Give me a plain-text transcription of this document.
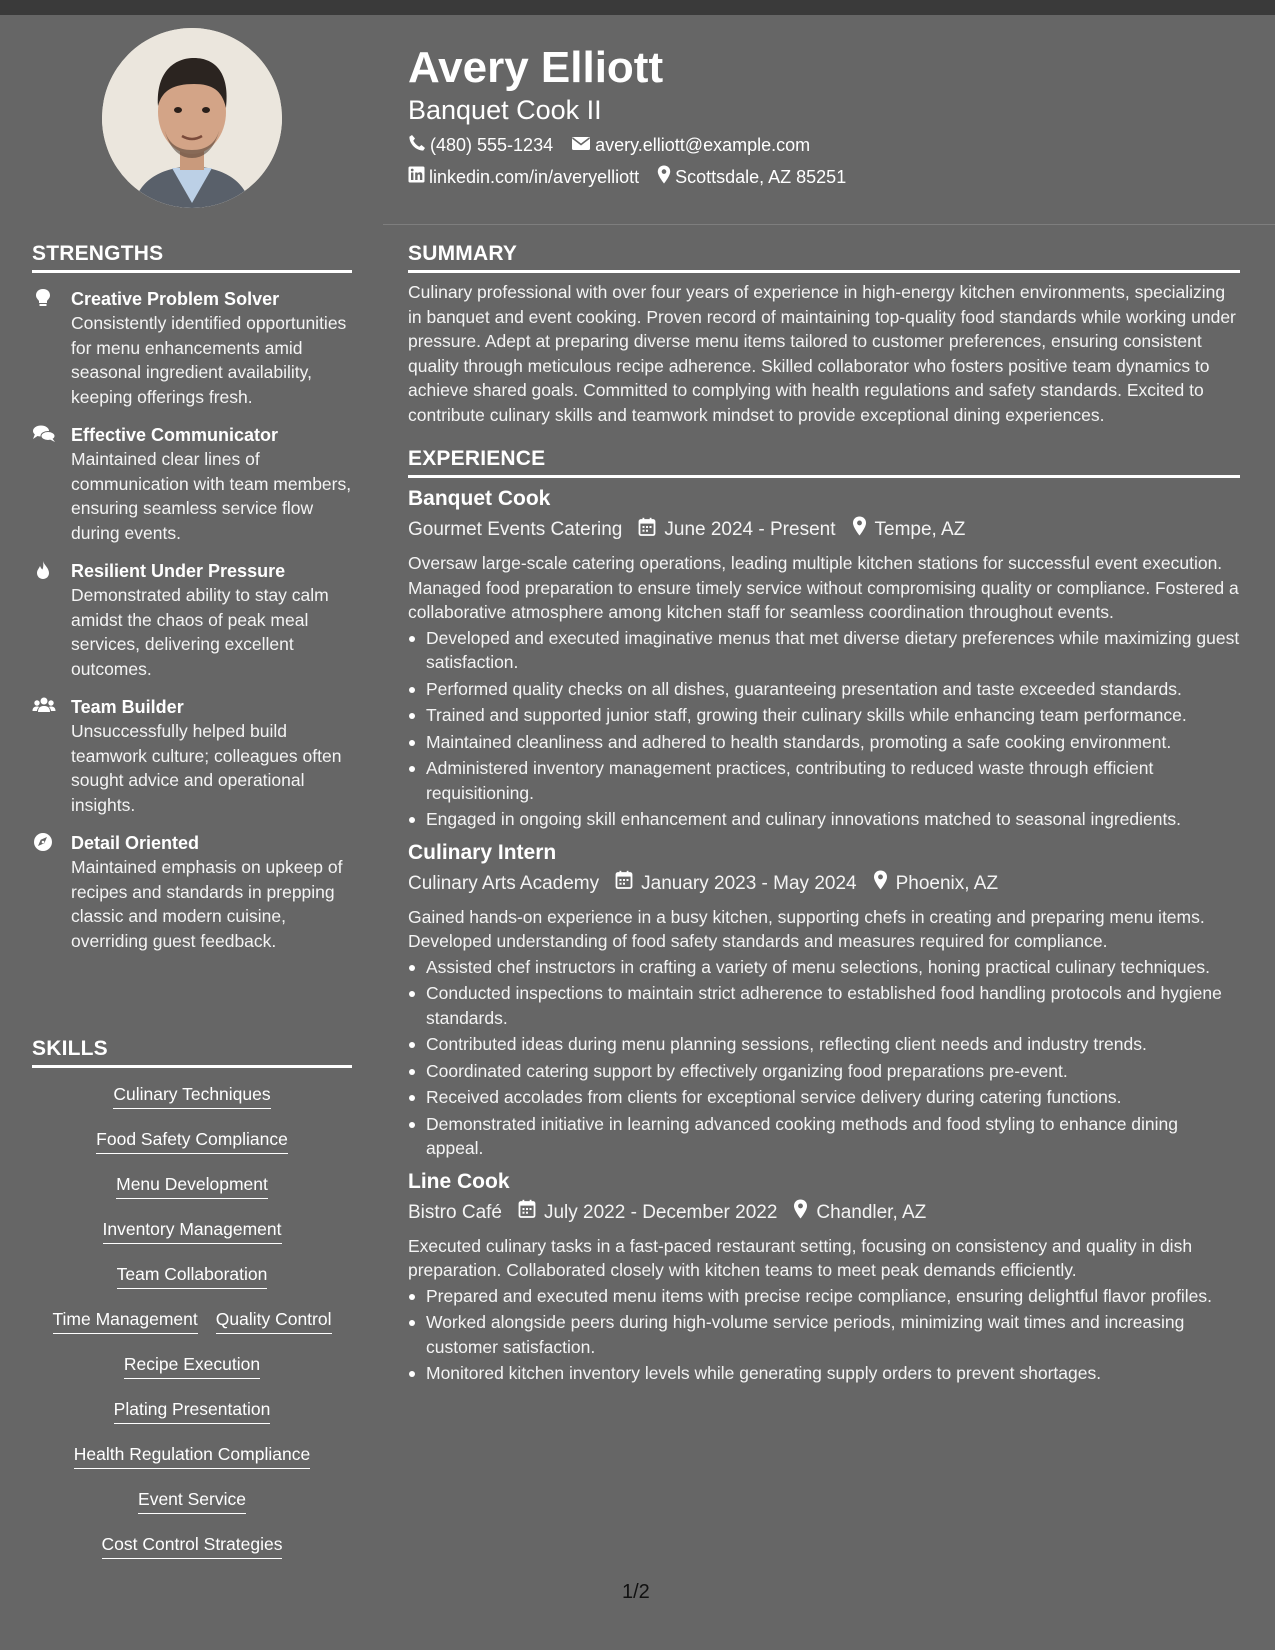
STRENGTHS
Creative Problem Solver
Consistently identified opportunities for menu enhancements amid seasonal ingredient availability, keeping offerings fresh.
Effective Communicator
Maintained clear lines of communication with team members, ensuring seamless service flow during events.
Resilient Under Pressure
Demonstrated ability to stay calm amidst the chaos of peak meal services, delivering excellent outcomes.
Team Builder
Unsuccessfully helped build teamwork culture; colleagues often sought advice and operational insights.
Detail Oriented
Maintained emphasis on upkeep of recipes and standards in prepping classic and modern cuisine, overriding guest feedback.
SKILLS
Culinary Techniques
Food Safety Compliance
Menu Development
Inventory Management
Team Collaboration
Time Management Quality Control
Recipe Execution
Plating Presentation
Health Regulation Compliance
Event Service
Cost Control Strategies
Avery Elliott
Banquet Cook II
(480) 555-1234 avery.elliott@example.com
linkedin.com/in/averyelliott Scottsdale, AZ 85251
SUMMARY
Culinary professional with over four years of experience in high-energy kitchen environments, specializing in banquet and event cooking. Proven record of maintaining top-quality food standards while working under pressure. Adept at preparing diverse menu items tailored to customer preferences, ensuring consistent quality through meticulous recipe adherence. Skilled collaborator who fosters positive team dynamics to achieve shared goals. Committed to complying with health regulations and safety standards. Excited to contribute culinary skills and teamwork mindset to provide exceptional dining experiences.
EXPERIENCE
Banquet Cook
Gourmet Events Catering June 2024 - Present Tempe, AZ
Oversaw large-scale catering operations, leading multiple kitchen stations for successful event execution. Managed food preparation to ensure timely service without compromising quality or compliance. Fostered a collaborative atmosphere among kitchen staff for seamless coordination throughout events.
Developed and executed imaginative menus that met diverse dietary preferences while maximizing guest satisfaction.
Performed quality checks on all dishes, guaranteeing presentation and taste exceeded standards.
Trained and supported junior staff, growing their culinary skills while enhancing team performance.
Maintained cleanliness and adhered to health standards, promoting a safe cooking environment.
Administered inventory management practices, contributing to reduced waste through efficient requisitioning.
Engaged in ongoing skill enhancement and culinary innovations matched to seasonal ingredients.
Culinary Intern
Culinary Arts Academy January 2023 - May 2024 Phoenix, AZ
Gained hands-on experience in a busy kitchen, supporting chefs in creating and preparing menu items. Developed understanding of food safety standards and measures required for compliance.
Assisted chef instructors in crafting a variety of menu selections, honing practical culinary techniques.
Conducted inspections to maintain strict adherence to established food handling protocols and hygiene standards.
Contributed ideas during menu planning sessions, reflecting client needs and industry trends.
Coordinated catering support by effectively organizing food preparations pre-event.
Received accolades from clients for exceptional service delivery during catering functions.
Demonstrated initiative in learning advanced cooking methods and food styling to enhance dining appeal.
Line Cook
Bistro Café July 2022 - December 2022 Chandler, AZ
Executed culinary tasks in a fast-paced restaurant setting, focusing on consistency and quality in dish preparation. Collaborated closely with kitchen teams to meet peak demands efficiently.
Prepared and executed menu items with precise recipe compliance, ensuring delightful flavor profiles.
Worked alongside peers during high-volume service periods, minimizing wait times and increasing customer satisfaction.
Monitored kitchen inventory levels while generating supply orders to prevent shortages.
1/2
